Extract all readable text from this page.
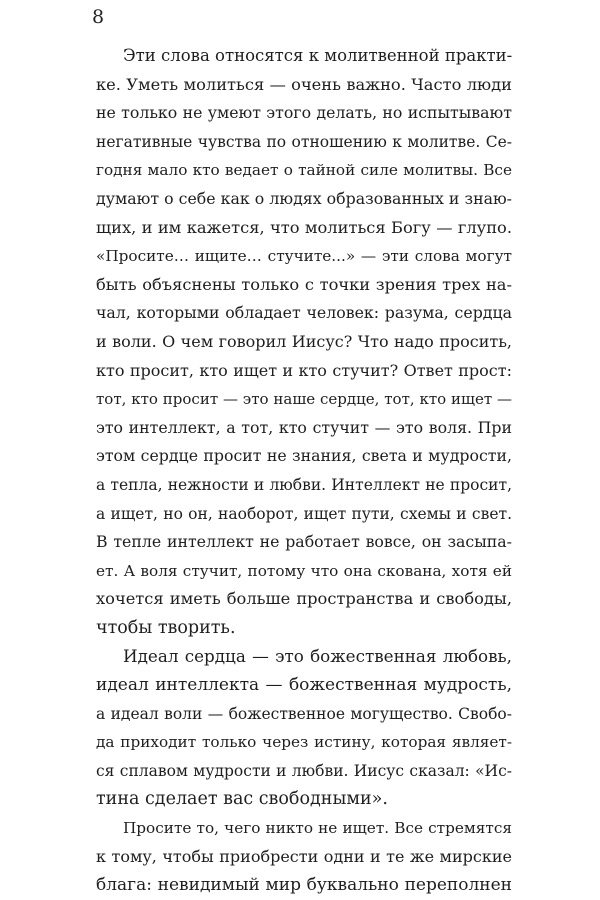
8
Эти слова относятся к молитвенной практи-
ке. Уметь молиться — очень важно. Часто люди
не только не умеют этого делать, но испытывают
негативные чувства по отношению к молитве. Се-
годня мало кто ведает о тайной силе молитвы. Все
думают о себе как о людях образованных и знаю-
щих, и им кажется, что молиться Богу — глупо.
«Просите… ищите… стучите...» — эти слова могут
быть объяснены только с точки зрения трех на-
чал, которыми обладает человек: разума, сердца
и воли. О чем говорил Иисус? Что надо просить,
кто просит, кто ищет и кто стучит? Ответ прост:
тот, кто просит — это наше сердце, тот, кто ищет —
это интеллект, а тот, кто стучит — это воля. При
этом сердце просит не знания, света и мудрости,
а тепла, нежности и любви. Интеллект не просит,
а ищет, но он, наоборот, ищет пути, схемы и свет.
В тепле интеллект не работает вовсе, он засыпа-
ет. А воля стучит, потому что она скована, хотя ей
хочется иметь больше пространства и свободы,
чтобы творить.
Идеал сердца — это божественная любовь,
идеал интеллекта — божественная мудрость,
а идеал воли — божественное могущество. Свобо-
да приходит только через истину, которая являет-
ся сплавом мудрости и любви. Иисус сказал: «Ис-
тина сделает вас свободными».
Просите то, чего никто не ищет. Все стремятся
к тому, чтобы приобрести одни и те же мирские
блага: невидимый мир буквально переполнен
